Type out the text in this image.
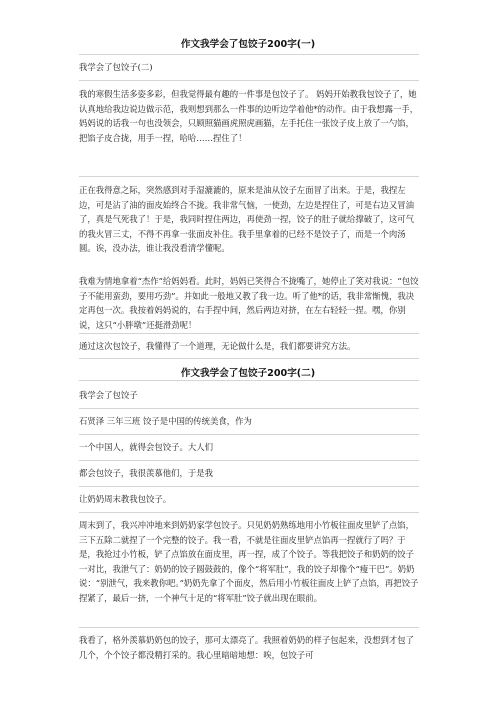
作文我学会了包饺子200字(一)

我学会了包饺子(二)

我的寒假生活多姿多彩，但我觉得最有趣的一件事是包饺子了。 妈妈开始教我包饺子了，她认真地给我边说边做示范，我则想到那么一件事的边听边学着他*的动作。由于我想露一手，妈妈说的话我一句也没领会，只顾照猫画虎照虎画猫，左手托住一张饺子皮上放了一勺馅，把馅子皮合拢，用手一捏，哈哈……捏住了！

正在我得意之际，突然感到对手湿漉漉的，原来是油从饺子左面冒了出来。于是，我捏左边，可是沾了油的面皮始终合不拢。我非常气恼，一使劲，左边是捏住了，可是右边又冒油了，真是气死我了！于是，我同时捏住两边，再使劲一捏，饺子的肚子就给撑破了，这可气的我火冒三丈，不得不再拿一张面皮补住。我手里拿着的已经不是饺子了，而是一个肉汤圆。诶，没办法，谁让我没看清学懂呢。

我难为情地拿着“杰作”给妈妈看。此时，妈妈已笑得合不拢嘴了，她停止了笑对我说：“包饺子不能用蛮劲，要用巧劲”。并如此一般地又教了我一边。听了他*的话，我非常惭愧，我决定再包一次。我按着妈妈说的，右手捏中间，然后两边对挤，在左右轻轻一捏。嘿，你别说，这只“小胖墩”还挺滑劲呢！

通过这次包饺子，我懂得了一个道理，无论做什么是，我们都要讲究方法。

作文我学会了包饺子200字(二)

我学会了包饺子

石贤泽 三年三班 饺子是中国的传统美食，作为

一个中国人，就得会包饺子。大人们

都会包饺子，我很羡慕他们，于是我

让奶奶周末教我包饺子。

周末到了，我兴冲冲地来到奶奶家学包饺子。只见奶奶熟练地用小竹板往面皮里铲了点馅，三下五除二就捏了一个完整的饺子。我一看，不就是往面皮里铲点馅再一捏就行了吗？于是，我抢过小竹板，铲了点馅放在面皮里，再一捏，成了个饺子。等我把饺子和奶奶的饺子一对比，我泄气了：奶奶的饺子圆鼓鼓的，像个“将军肚”，我的饺子却像个“瘦干巴”。奶奶说：“别泄气，我来教你吧。”奶奶先拿了个面皮，然后用小竹板往面皮上铲了点馅，再把饺子捏紧了，最后一挤，一个神气十足的“将军肚”饺子就出现在眼前。

我看了，格外羡慕奶奶包的饺子，那可太漂亮了。我照着奶奶的样子包起来，没想到才包了几个，个个饺子都没精打采的。我心里暗暗地想：唉，包饺子可
